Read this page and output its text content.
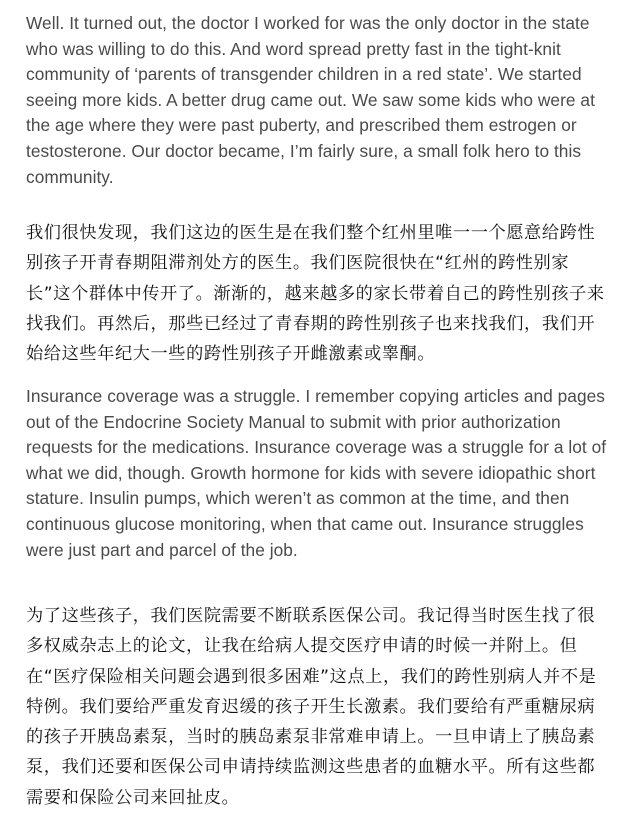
Well. It turned out, the doctor I worked for was the only doctor in the state who was willing to do this. And word spread pretty fast in the tight-knit community of ‘parents of transgender children in a red state’. We started seeing more kids. A better drug came out. We saw some kids who were at the age where they were past puberty, and prescribed them estrogen or testosterone. Our doctor became, I’m fairly sure, a small folk hero to this community.

我们很快发现，我们这边的医生是在我们整个红州里唯一一个愿意给跨性别孩子开青春期阻滞剂处方的医生。我们医院很快在“红州的跨性别家长”这个群体中传开了。渐渐的，越来越多的家长带着自己的跨性别孩子来找我们。再然后，那些已经过了青春期的跨性别孩子也来找我们，我们开始给这些年纪大一些的跨性别孩子开雌激素或睾酮。

Insurance coverage was a struggle. I remember copying articles and pages out of the Endocrine Society Manual to submit with prior authorization requests for the medications. Insurance coverage was a struggle for a lot of what we did, though. Growth hormone for kids with severe idiopathic short stature. Insulin pumps, which weren’t as common at the time, and then continuous glucose monitoring, when that came out. Insurance struggles were just part and parcel of the job.

为了这些孩子，我们医院需要不断联系医保公司。我记得当时医生找了很多权威杂志上的论文，让我在给病人提交医疗申请的时候一并附上。但在“医疗保险相关问题会遇到很多困难”这点上，我们的跨性别病人并不是特例。我们要给严重发育迟缓的孩子开生长激素。我们要给有严重糖尿病的孩子开胰岛素泵，当时的胰岛素泵非常难申请上。一旦申请上了胰岛素泵，我们还要和医保公司申请持续监测这些患者的血糖水平。所有这些都需要和保险公司来回扯皮。
